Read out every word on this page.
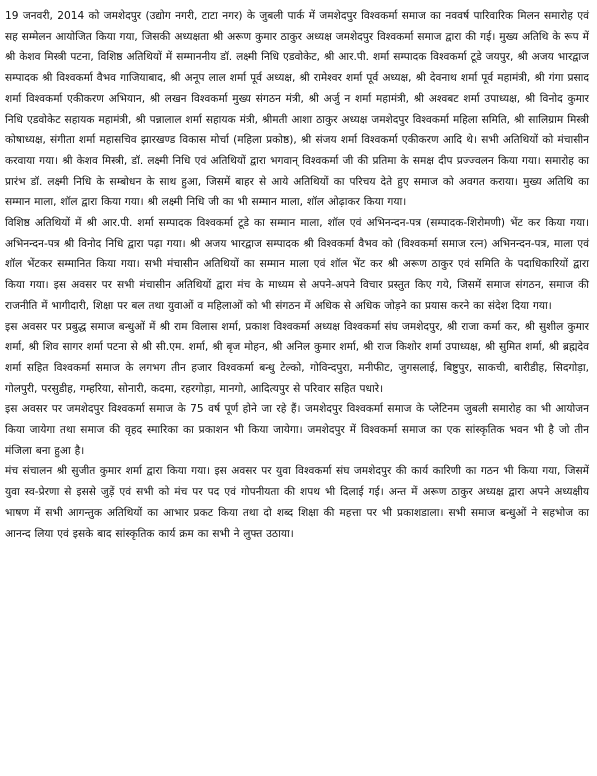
19 जनवरी, 2014 को जमशेदपुर (उद्योग नगरी, टाटा नगर) के जुबली पार्क में जमशेदपुर विश्वकर्मा समाज का नववर्ष पारिवारिक मिलन समारोह एवं सह सम्मेलन आयोजित किया गया, जिसकी अध्यक्षता श्री अरूण कुमार ठाकुर अध्यक्ष जमशेदपुर विश्वकर्मा समाज द्वारा की गई। मुख्य अतिथि के रूप में श्री केशव मिस्त्री पटना, विशिष्ठ अतिथियों में सम्माननीय डॉ. लक्ष्मी निधि एडवोकेट, श्री आर.पी. शर्मा सम्पादक विश्वकर्मा टूडे जयपुर, श्री अजय भारद्वाज सम्पादक श्री विश्वकर्मा वैभव गाजियाबाद, श्री अनूप लाल शर्मा पूर्व अध्यक्ष, श्री रामेश्वर शर्मा पूर्व अध्यक्ष, श्री देवनाथ शर्मा पूर्व महामंत्री, श्री गंगा प्रसाद शर्मा विश्वकर्मा एकीकरण अभियान, श्री लखन विश्वकर्मा मुख्य संगठन मंत्री, श्री अर्जु न शर्मा महामंत्री, श्री अश्वबट शर्मा उपाध्यक्ष, श्री विनोद कुमार निधि एडवोकेट सहायक महामंत्री, श्री पन्नालाल शर्मा सहायक मंत्री, श्रीमती आशा ठाकुर अध्यक्ष जमशेदपुर विश्वकर्मा महिला समिति, श्री सालिग्राम मिस्त्री कोषाध्यक्ष, संगीता शर्मा महासचिव झारखण्ड विकास मोर्चा (महिला प्रकोष्ठ), श्री संजय शर्मा विश्वकर्मा एकीकरण आदि थे। सभी अतिथियों को मंचासीन करवाया गया। श्री केशव मिस्त्री, डॉ. लक्ष्मी निधि एवं अतिथियों द्वारा भगवान् विश्वकर्मा जी की प्रतिमा के समक्ष दीप प्रज्ज्वलन किया गया। समारोह का प्रारंभ डॉ. लक्ष्मी निधि के सम्बोधन के साथ हुआ, जिसमें बाहर से आये अतिथियों का परिचय देते हुए समाज को अवगत कराया। मुख्य अतिथि का सम्मान माला, शॉल द्वारा किया गया। श्री लक्ष्मी निधि जी का भी सम्मान माला, शॉल ओढ़ाकर किया गया।

विशिष्ठ अतिथियों में श्री आर.पी. शर्मा सम्पादक विश्वकर्मा टूडे का सम्मान माला, शॉल एवं अभिनन्दन-पत्र (सम्पादक-शिरोमणी) भेंट कर किया गया। अभिनन्दन-पत्र श्री विनोद निधि द्वारा पढ़ा गया। श्री अजय भारद्वाज सम्पादक श्री विश्वकर्मा वैभव को (विश्वकर्मा समाज रत्न) अभिनन्दन-पत्र, माला एवं शॉल भेंटकर सम्मानित किया गया। सभी मंचासीन अतिथियों का सम्मान माला एवं शॉल भेंट कर श्री अरूण ठाकुर एवं समिति के पदाधिकारियों द्वारा किया गया। इस अवसर पर सभी मंचासीन अतिथियों द्वारा मंच के माध्यम से अपने-अपने विचार प्रस्तुत किए गये, जिसमें समाज संगठन, समाज की राजनीति में भागीदारी, शिक्षा पर बल तथा युवाओं व महिलाओं को भी संगठन में अधिक से अधिक जोड़ने का प्रयास करने का संदेश दिया गया।

इस अवसर पर प्रबुद्ध समाज बन्धुओं में श्री राम विलास शर्मा, प्रकाश विश्वकर्मा अध्यक्ष विश्वकर्मा संघ जमशेदपुर, श्री राजा कर्मा कर, श्री सुशील कुमार शर्मा, श्री शिव सागर शर्मा पटना से श्री सी.एम. शर्मा, श्री बृज मोहन, श्री अनिल कुमार शर्मा, श्री राज किशोर शर्मा उपाध्यक्ष, श्री सुमित शर्मा, श्री ब्रह्मदेव शर्मा सहित विश्वकर्मा समाज के लगभग तीन हजार विश्वकर्मा बन्धु टेल्को, गोविन्दपुरा, मनीफीट, जुगसलाई, बिष्टुपुर, साकची, बारीडीह, सिदगोड़ा, गोलपुरी, परसुडीह, गम्हरिया, सोनारी, कदमा, रहरगोड़ा, मानगो, आदित्यपुर से परिवार सहित पधारे।

इस अवसर पर जमशेदपुर विश्वकर्मा समाज के 75 वर्ष पूर्ण होने जा रहे हैं। जमशेदपुर विश्वकर्मा समाज के प्लेटिनम जुबली समारोह का भी आयोजन किया जायेगा तथा समाज की वृहद स्मारिका का प्रकाशन भी किया जायेगा। जमशेदपुर में विश्वकर्मा समाज का एक सांस्कृतिक भवन भी है जो तीन मंजिला बना हुआ है।

मंच संचालन श्री सुजीत कुमार शर्मा द्वारा किया गया। इस अवसर पर युवा विश्वकर्मा संघ जमशेदपुर की कार्य कारिणी का गठन भी किया गया, जिसमें युवा स्व-प्रेरणा से इससे जुड़ें एवं सभी को मंच पर पद एवं गोपनीयता की शपथ भी दिलाई गई। अन्त में अरूण ठाकुर अध्यक्ष द्वारा अपने अध्यक्षीय भाषण में सभी आगन्तुक अतिथियों का आभार प्रकट किया तथा दो शब्द शिक्षा की महत्ता पर भी प्रकाशडाला। सभी समाज बन्धुओं ने सहभोज का आनन्द लिया एवं इसके बाद सांस्कृतिक कार्य क्रम का सभी ने लुफ्त उठाया।
